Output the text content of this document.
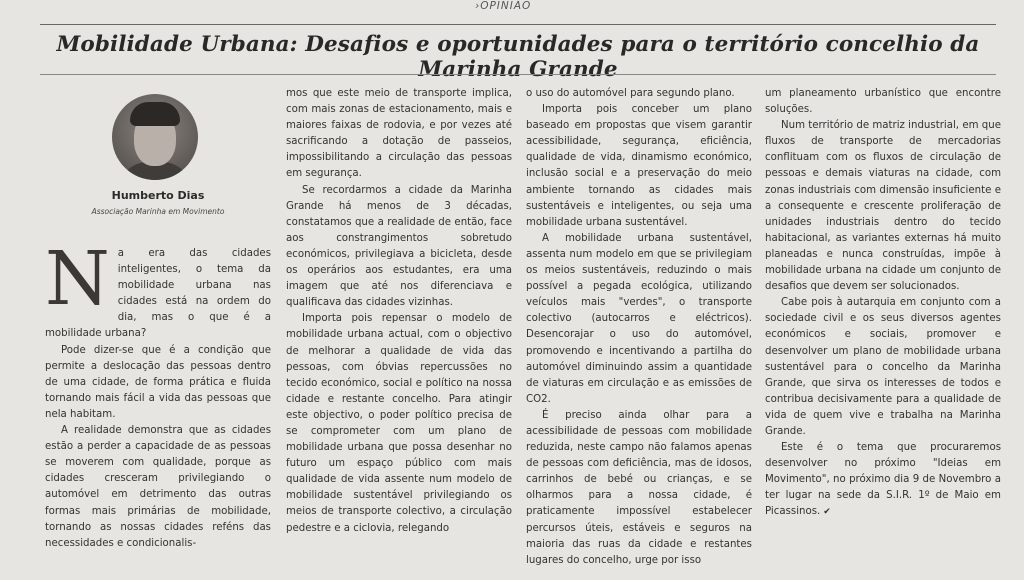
›OPINIÃO
Mobilidade Urbana: Desafios e oportunidades para o território concelhio da Marinha Grande
Humberto Dias
Associação Marinha em Movimento
N a era das cidades inteligentes, o tema da mobilidade urbana nas cidades está na ordem do dia, mas o que é a mobilidade urbana?

Pode dizer-se que é a condição que permite a deslocação das pessoas dentro de uma cidade, de forma prática e fluida tornando mais fácil a vida das pessoas que nela habitam.

A realidade demonstra que as cidades estão a perder a capacidade de as pessoas se moverem com qualidade, porque as cidades cresceram privilegiando o automóvel em detrimento das outras formas mais primárias de mobilidade, tornando as nossas cidades reféns das necessidades e condicionalis-

mos que este meio de transporte implica, com mais zonas de estacionamento, mais e maiores faixas de rodovia, e por vezes até sacrificando a dotação de passeios, impossibilitando a circulação das pessoas em segurança.

Se recordarmos a cidade da Marinha Grande há menos de 3 décadas, constatamos que a realidade de então, face aos constrangimentos sobretudo económicos, privilegiava a bicicleta, desde os operários aos estudantes, era uma imagem que até nos diferenciava e qualificava das cidades vizinhas.

Importa pois repensar o modelo de mobilidade urbana actual, com o objectivo de melhorar a qualidade de vida das pessoas, com óbvias repercussões no tecido económico, social e político na nossa cidade e restante concelho. Para atingir este objectivo, o poder político precisa de se comprometer com um plano de mobilidade urbana que possa desenhar no futuro um espaço público com mais qualidade de vida assente num modelo de mobilidade sustentável privilegiando os meios de transporte colectivo, a circulação pedestre e a ciclovia, relegando

o uso do automóvel para segundo plano.

Importa pois conceber um plano baseado em propostas que visem garantir acessibilidade, segurança, eficiência, qualidade de vida, dinamismo económico, inclusão social e a preservação do meio ambiente tornando as cidades mais sustentáveis e inteligentes, ou seja uma mobilidade urbana sustentável.

A mobilidade urbana sustentável, assenta num modelo em que se privilegiam os meios sustentáveis, reduzindo o mais possível a pegada ecológica, utilizando veículos mais "verdes", o transporte colectivo (autocarros e eléctricos). Desencorajar o uso do automóvel, promovendo e incentivando a partilha do automóvel diminuindo assim a quantidade de viaturas em circulação e as emissões de CO2.

É preciso ainda olhar para a acessibilidade de pessoas com mobilidade reduzida, neste campo não falamos apenas de pessoas com deficiência, mas de idosos, carrinhos de bebé ou crianças, e se olharmos para a nossa cidade, é praticamente impossível estabelecer percursos úteis, estáveis e seguros na maioria das ruas da cidade e restantes lugares do concelho, urge por isso

um planeamento urbanístico que encontre soluções.

Num território de matriz industrial, em que fluxos de transporte de mercadorias conflituam com os fluxos de circulação de pessoas e demais viaturas na cidade, com zonas industriais com dimensão insuficiente e a consequente e crescente proliferação de unidades industriais dentro do tecido habitacional, as variantes externas há muito planeadas e nunca construídas, impõe à mobilidade urbana na cidade um conjunto de desafios que devem ser solucionados.

Cabe pois à autarquia em conjunto com a sociedade civil e os seus diversos agentes económicos e sociais, promover e desenvolver um plano de mobilidade urbana sustentável para o concelho da Marinha Grande, que sirva os interesses de todos e contribua decisivamente para a qualidade de vida de quem vive e trabalha na Marinha Grande.

Este é o tema que procuraremos desenvolver no próximo "Ideias em Movimento", no próximo dia 9 de Novembro a ter lugar na sede da S.I.R. 1º de Maio em Picassinos. ✔
